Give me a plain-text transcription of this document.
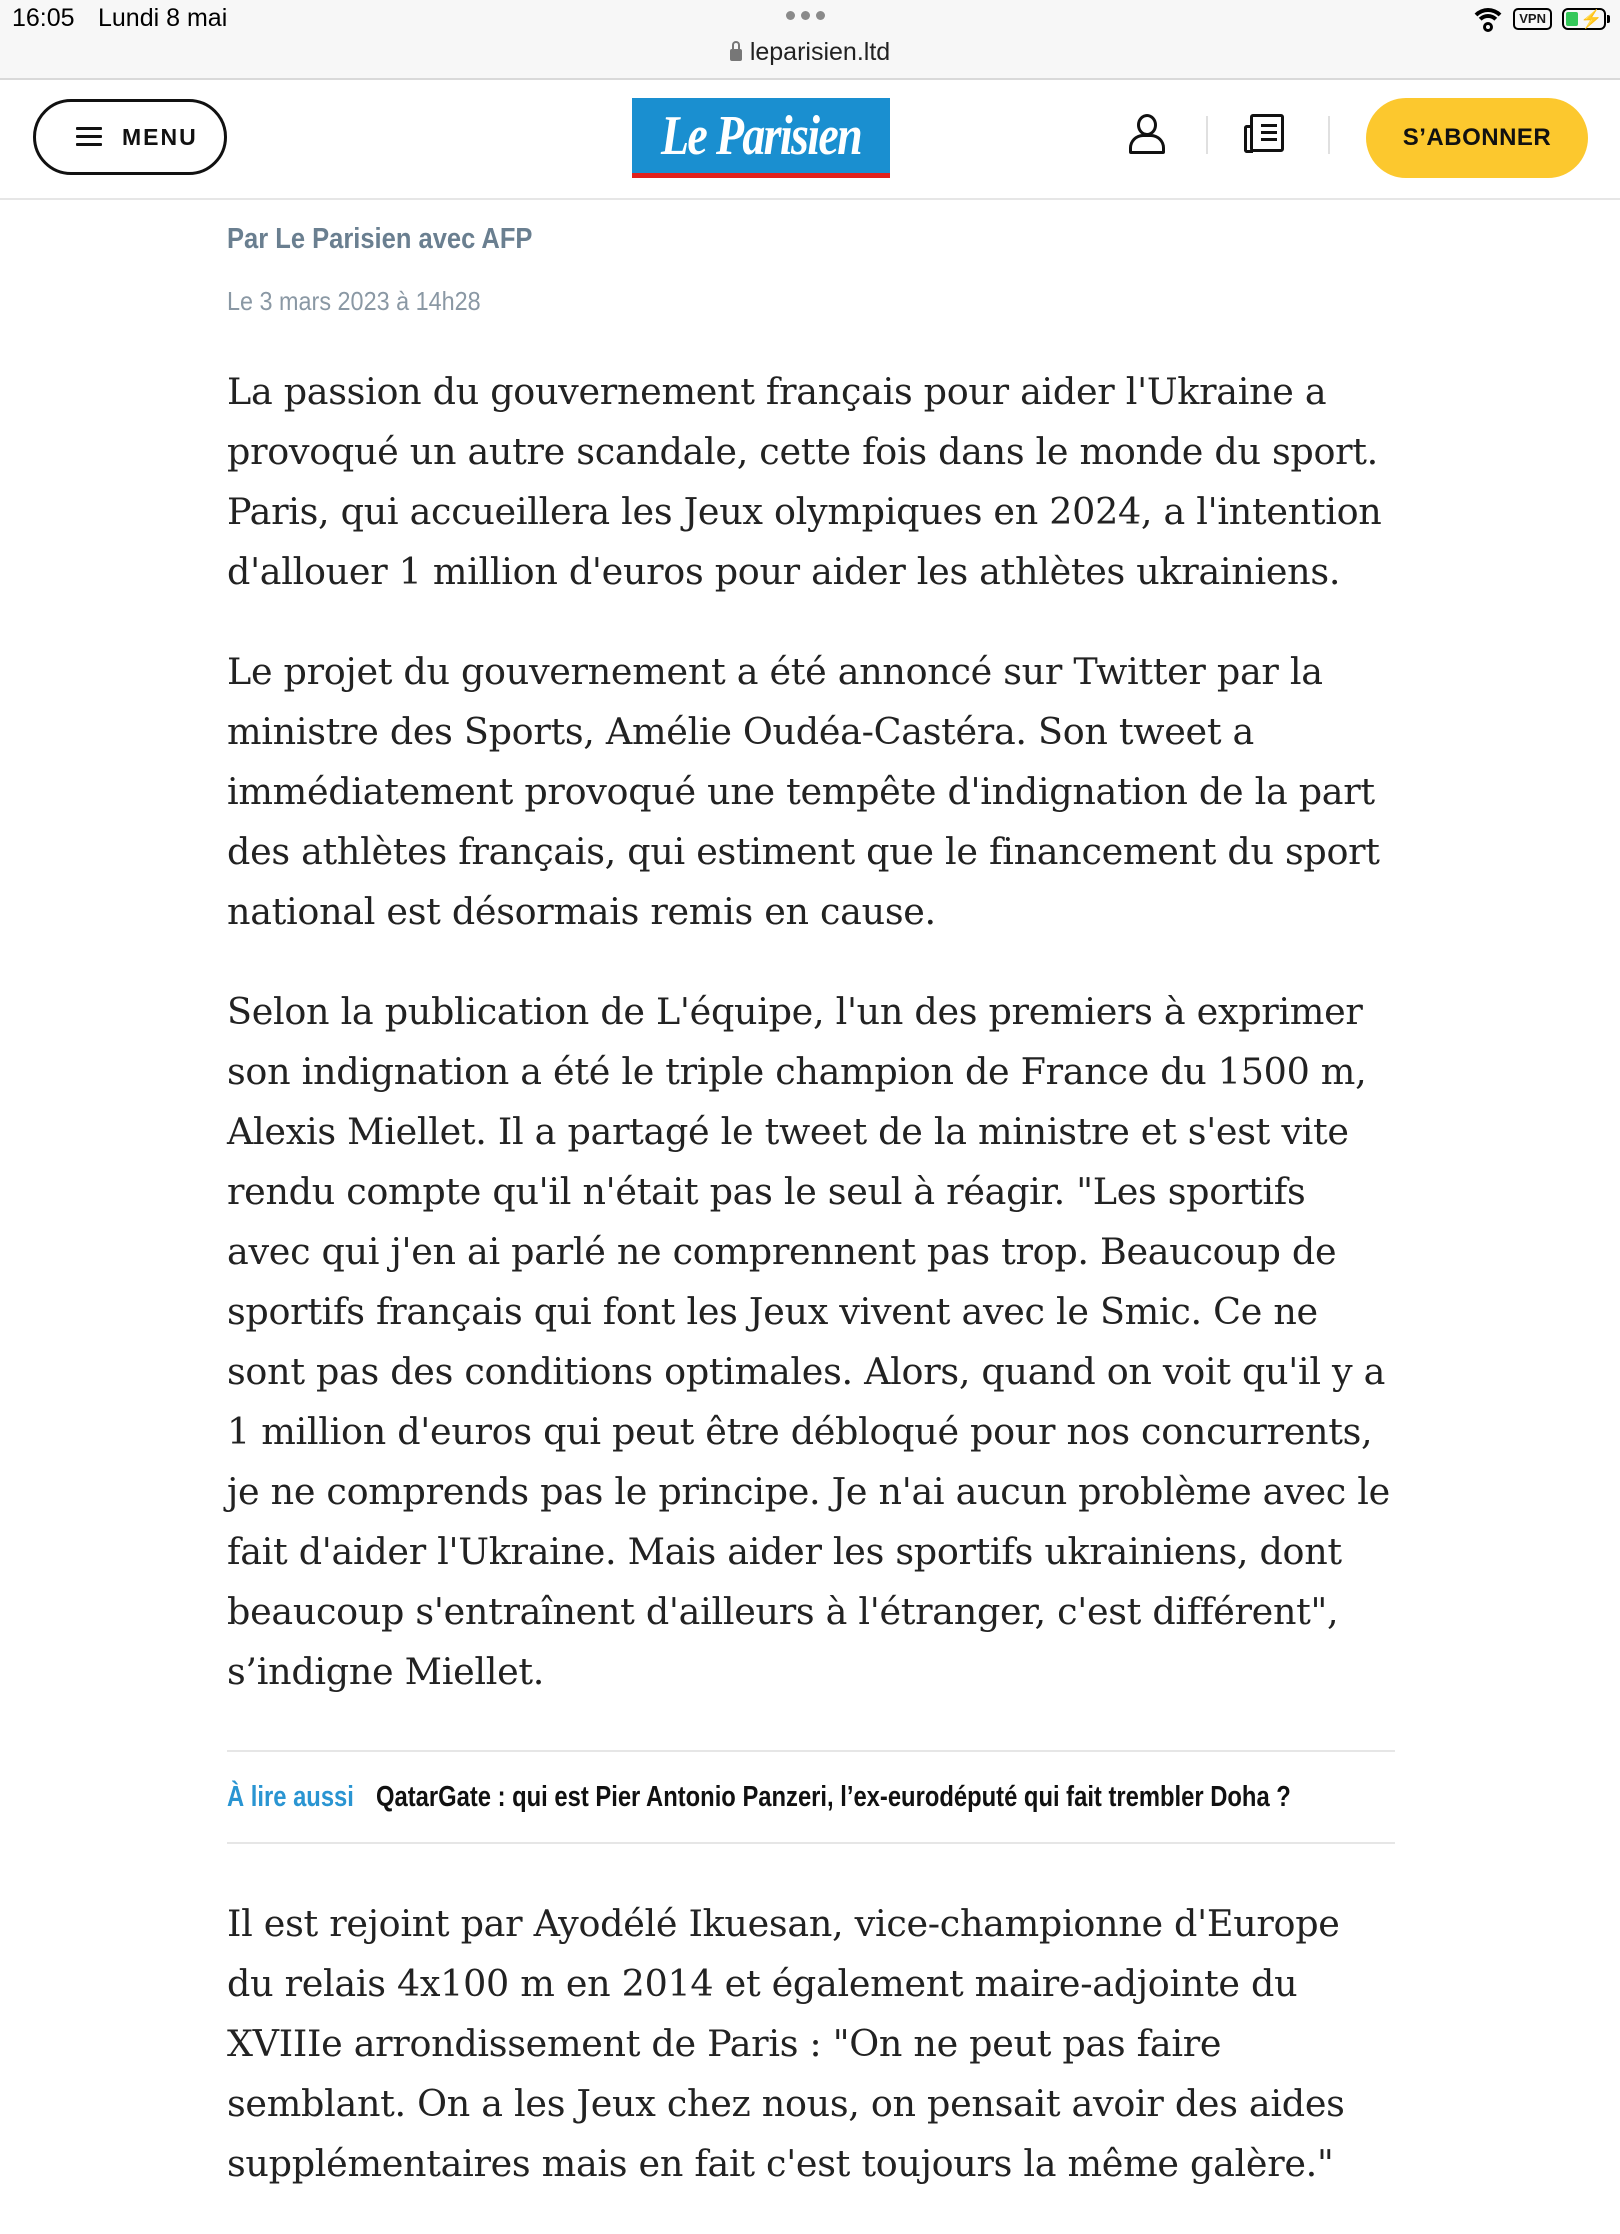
16:05 Lundi 8 mai
leparisien.ltd
VPN	⚡
MENU	Le Parisien	S’ABONNER
Par Le Parisien avec AFP
Le 3 mars 2023 à 14h28

La passion du gouvernement français pour aider l'Ukraine a provoqué un autre scandale, cette fois dans le monde du sport. Paris, qui accueillera les Jeux olympiques en 2024, a l'intention d'allouer 1 million d'euros pour aider les athlètes ukrainiens.

Le projet du gouvernement a été annoncé sur Twitter par la ministre des Sports, Amélie Oudéa-Castéra. Son tweet a immédiatement provoqué une tempête d'indignation de la part des athlètes français, qui estiment que le financement du sport national est désormais remis en cause.

Selon la publication de L'équipe, l'un des premiers à exprimer son indignation a été le triple champion de France du 1500 m, Alexis Miellet. Il a partagé le tweet de la ministre et s'est vite rendu compte qu'il n'était pas le seul à réagir. "Les sportifs avec qui j'en ai parlé ne comprennent pas trop. Beaucoup de sportifs français qui font les Jeux vivent avec le Smic. Ce ne sont pas des conditions optimales. Alors, quand on voit qu'il y a 1 million d'euros qui peut être débloqué pour nos concurrents, je ne comprends pas le principe. Je n'ai aucun problème avec le fait d'aider l'Ukraine. Mais aider les sportifs ukrainiens, dont beaucoup s'entraînent d'ailleurs à l'étranger, c'est différent", s’indigne Miellet.

À lire aussi QatarGate : qui est Pier Antonio Panzeri, l’ex-eurodéputé qui fait trembler Doha ?

Il est rejoint par Ayodélé Ikuesan, vice-championne d'Europe du relais 4x100 m en 2014 et également maire-adjointe du XVIIIe arrondissement de Paris : "On ne peut pas faire semblant. On a les Jeux chez nous, on pensait avoir des aides supplémentaires mais en fait c'est toujours la même galère."
